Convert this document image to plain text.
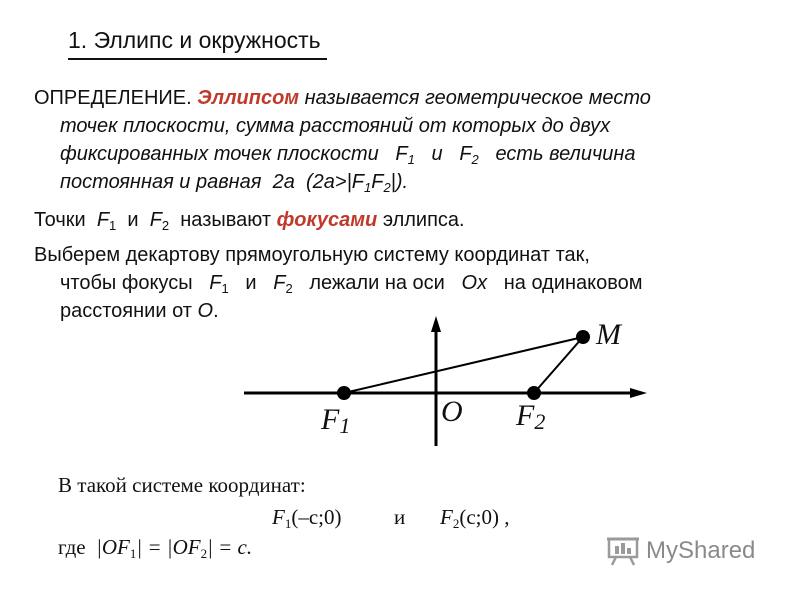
1. Эллипс и окружность
ОПРЕДЕЛЕНИЕ. Эллипсом называется геометрическое место
точек плоскости, сумма расстояний от которых до двух
фиксированных точек плоскости $F_1$ и $F_2$ есть величина
постоянная и равная 2a $(2a>|F_1F_2|)$.
Точки $F_1$ и $F_2$ называют фокусами эллипса.
Выберем декартову прямоугольную систему координат так,
чтобы фокусы $F_1$ и $F_2$ лежали на оси Ox на одинаковом
расстоянии от O.
M
O
$F_1$	$F_2$
В такой системе координат:
$F_1(-c;0)$	и $F_2(c;0)$ ,
где $|OF_1| = |OF_2| = c$.	MyShared
